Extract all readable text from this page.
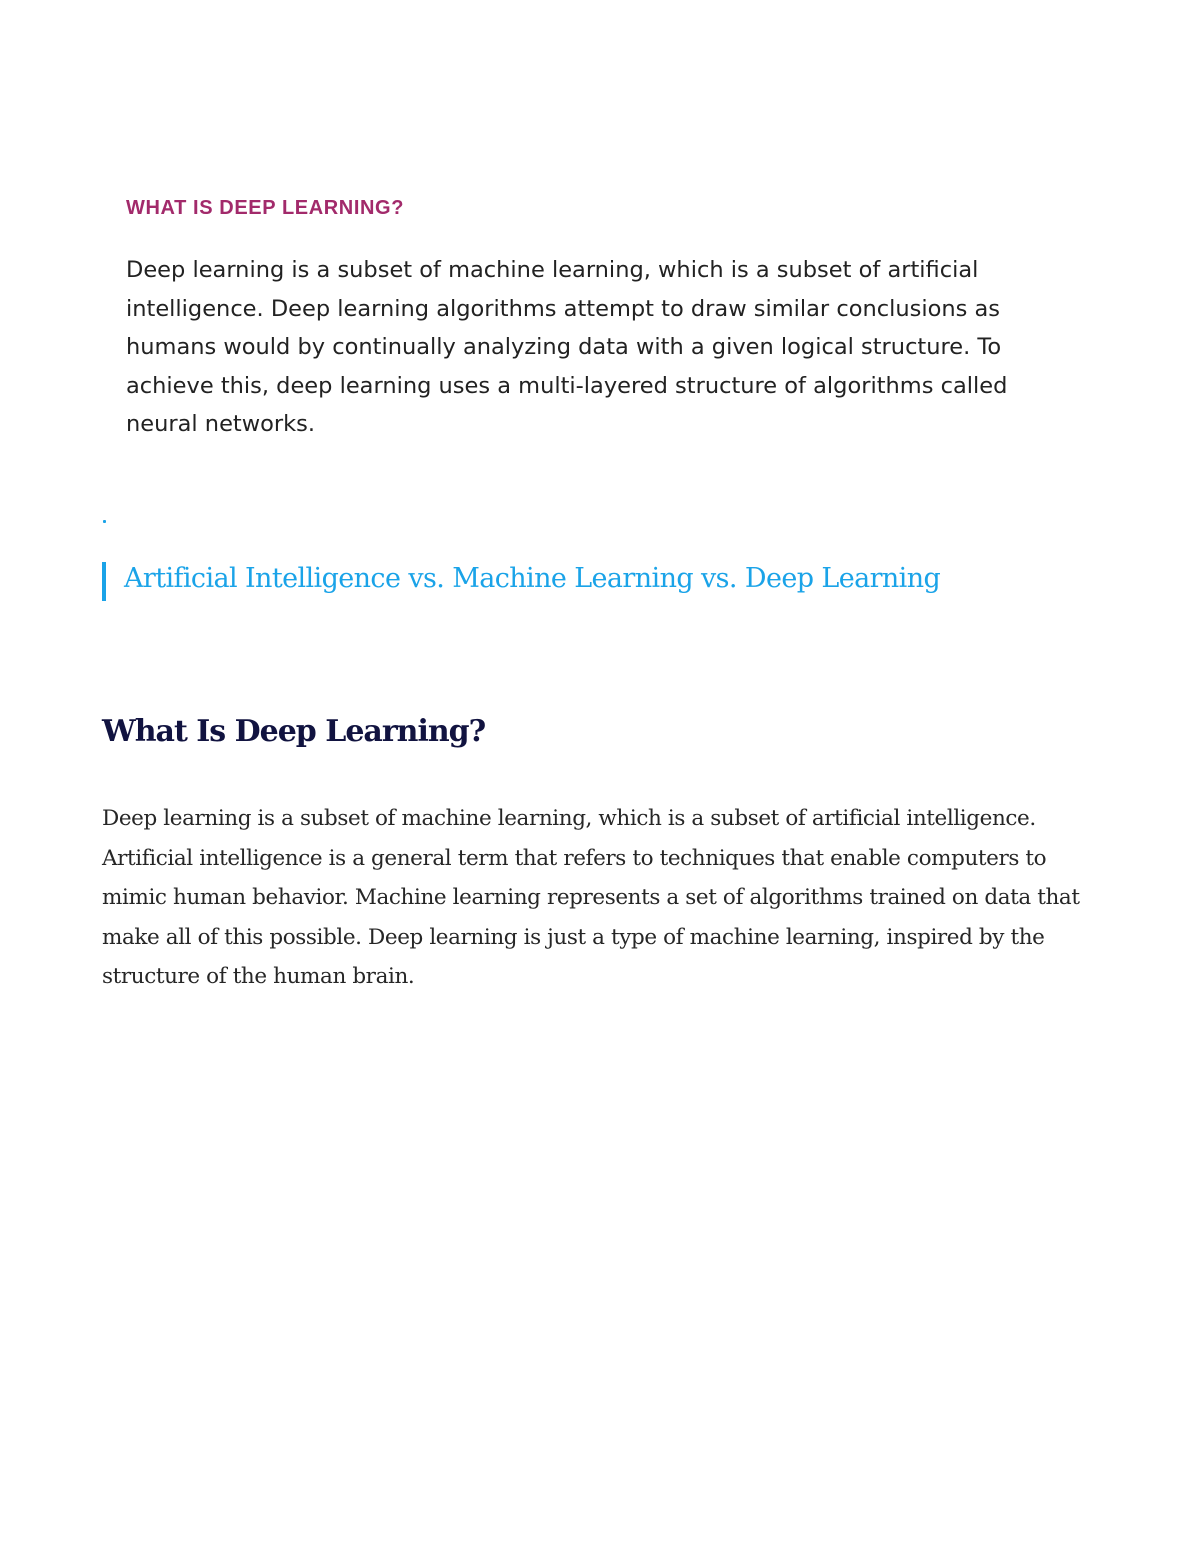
WHAT IS DEEP LEARNING?

Deep learning is a subset of machine learning, which is a subset of artificial intelligence. Deep learning algorithms attempt to draw similar conclusions as humans would by continually analyzing data with a given logical structure. To achieve this, deep learning uses a multi-layered structure of algorithms called neural networks.

Artificial Intelligence vs. Machine Learning vs. Deep Learning
What Is Deep Learning?

Deep learning is a subset of machine learning, which is a subset of artificial intelligence. Artificial intelligence is a general term that refers to techniques that enable computers to mimic human behavior. Machine learning represents a set of algorithms trained on data that make all of this possible. Deep learning is just a type of machine learning, inspired by the structure of the human brain.
